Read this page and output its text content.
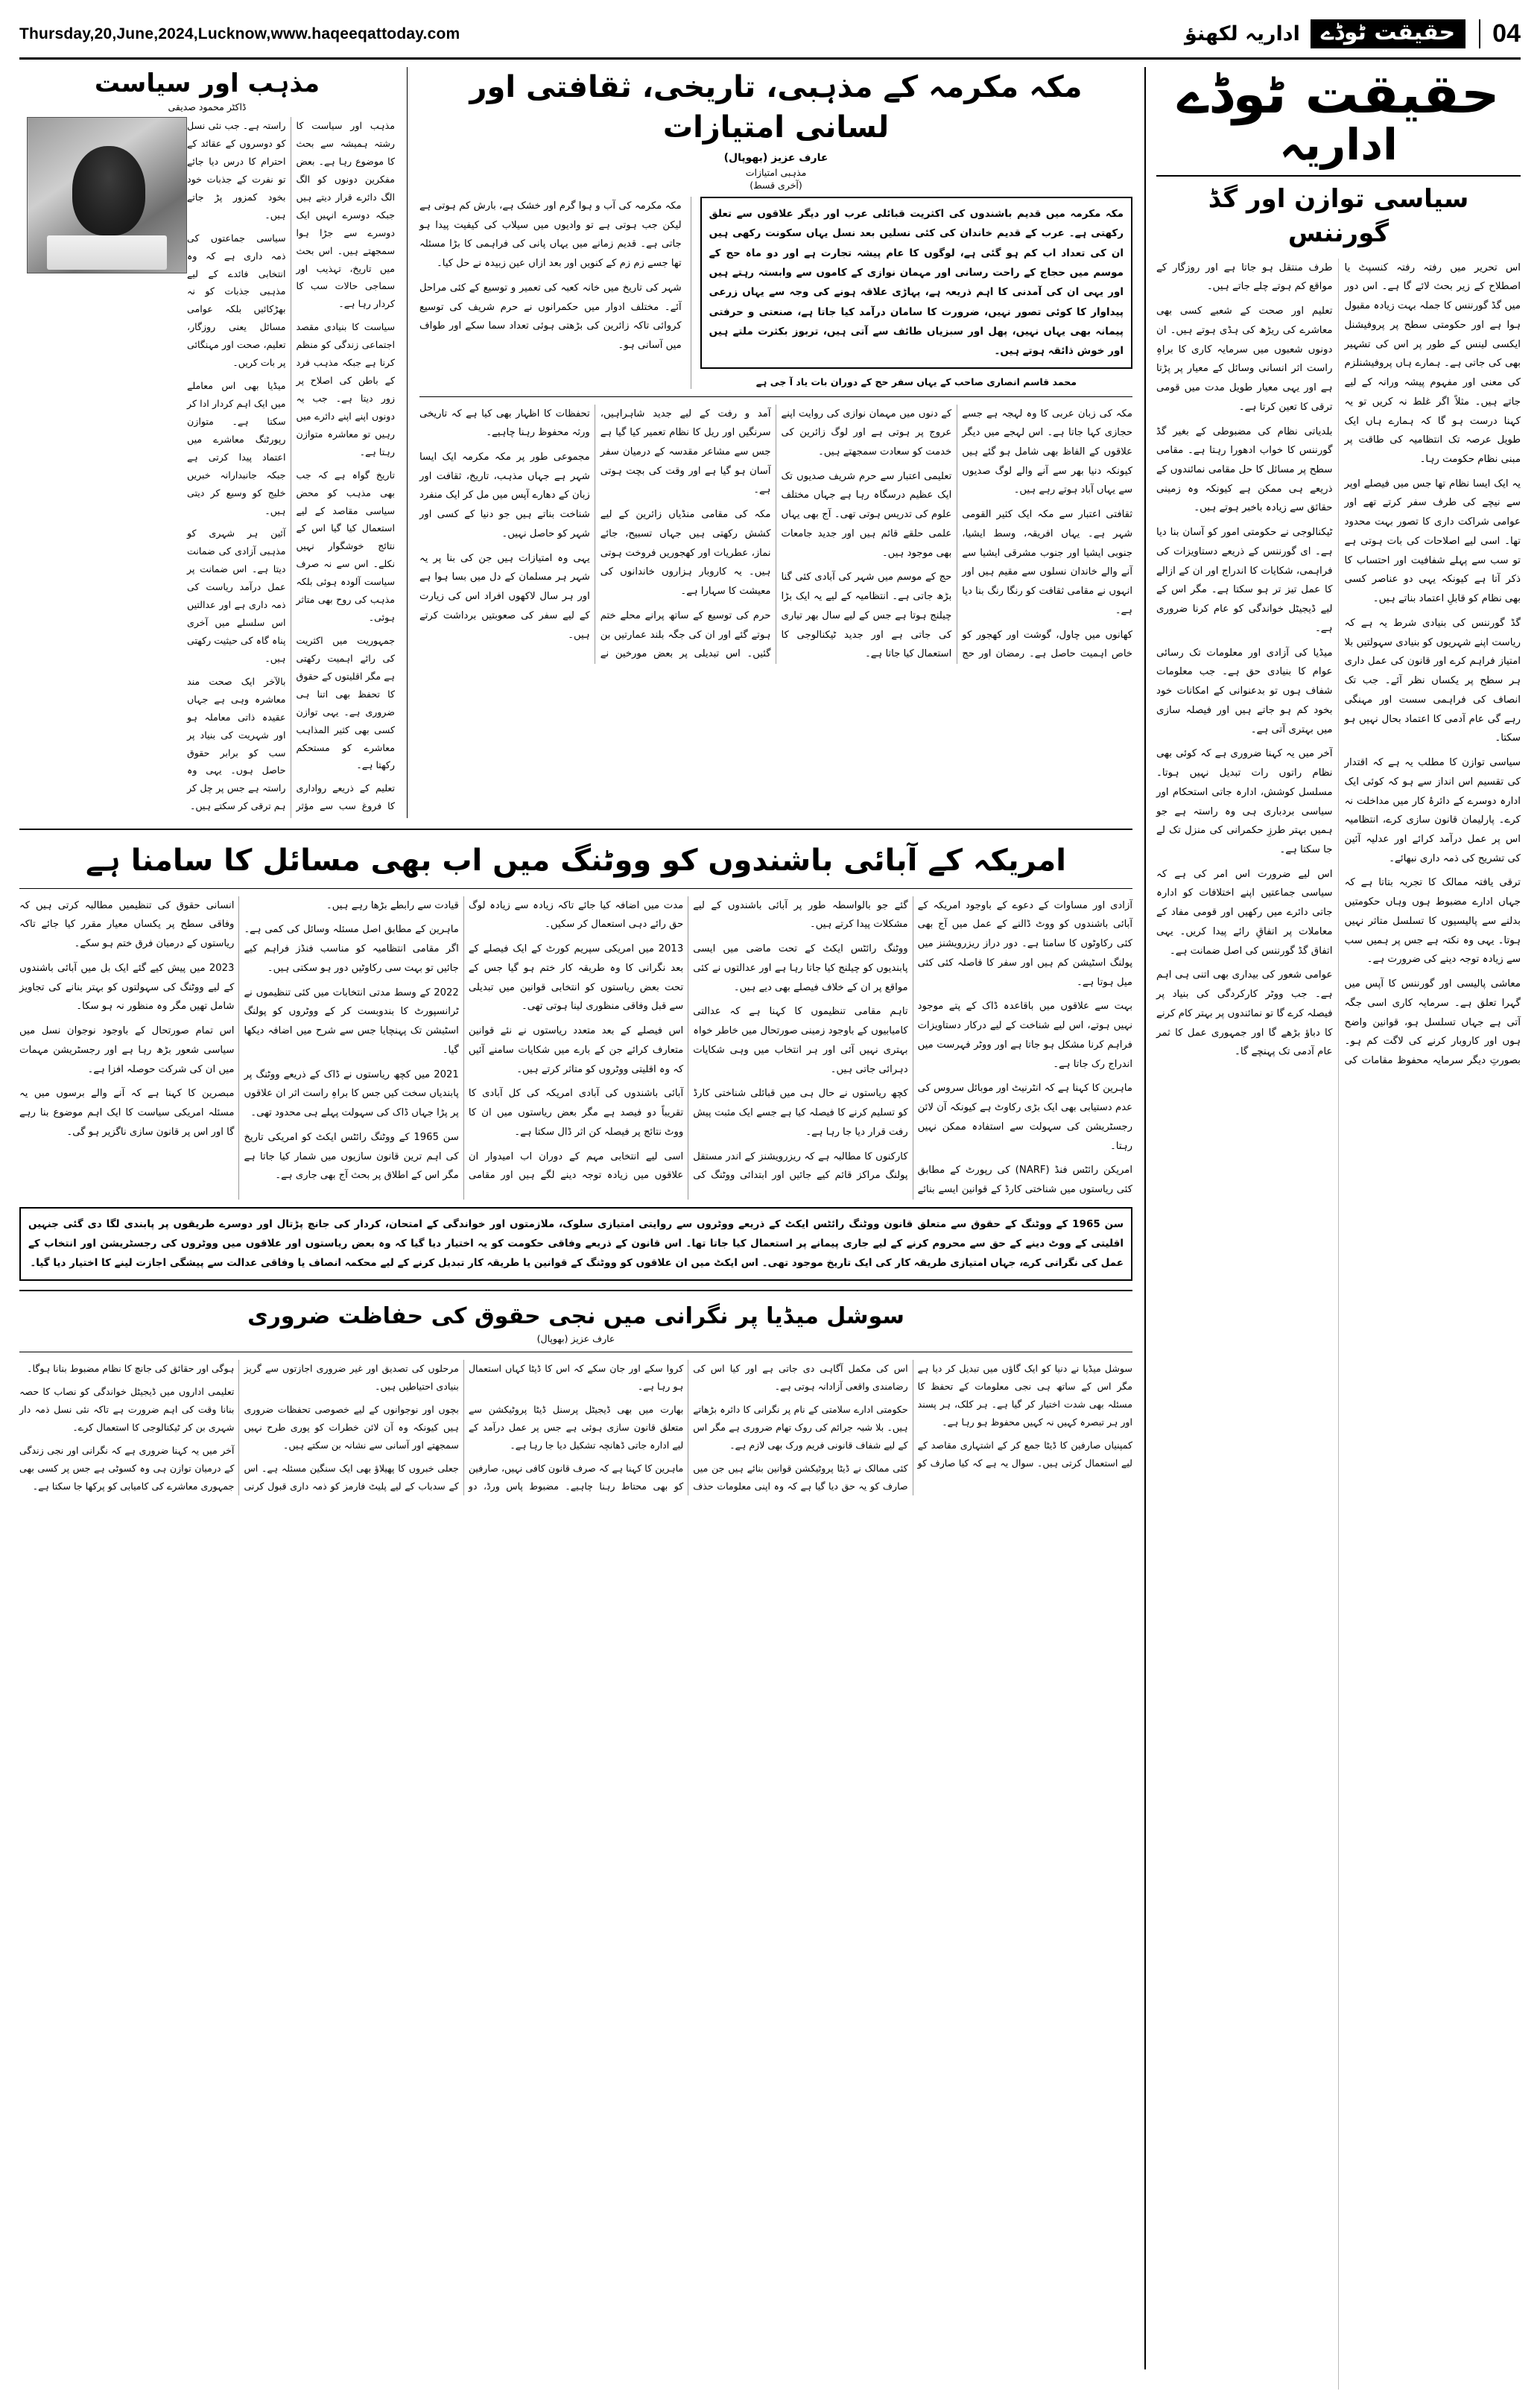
Thursday,20,June,2024,Lucknow,www.haqeeqattoday.com	اداریہ لکھنؤ حقیقت ٹوڈے	04
حقیقت ٹوڈے
اداریہ
سیاسی توازن اور گڈ گورننس

اس تحریر میں رفتہ رفتہ کنسپٹ یا اصطلاح کے زیر بحث لائے گا ہے۔ اس دور میں گڈ گورننس کا جملہ بہت زیادہ مقبول ہوا ہے اور حکومتی سطح پر پروفیشنل ایکسی لینس کے طور پر اس کی تشہیر بھی کی جاتی ہے۔ ہمارے ہاں پروفیشنلزم کی معنی اور مفہوم پیشہ ورانہ کے لیے جاتے ہیں۔ مثلاً اگر غلط نہ کریں تو یہ کہنا درست ہو گا کہ ہمارے ہاں ایک طویل عرصہ تک انتظامیہ کی طاقت پر مبنی نظام حکومت رہا۔

یہ ایک ایسا نظام تھا جس میں فیصلے اوپر سے نیچے کی طرف سفر کرتے تھے اور عوامی شراکت داری کا تصور بہت محدود تھا۔ اسی لیے اصلاحات کی بات ہوتی ہے تو سب سے پہلے شفافیت اور احتساب کا ذکر آتا ہے کیونکہ یہی دو عناصر کسی بھی نظام کو قابلِ اعتماد بناتے ہیں۔

گڈ گورننس کی بنیادی شرط یہ ہے کہ ریاست اپنے شہریوں کو بنیادی سہولتیں بلا امتیاز فراہم کرے اور قانون کی عمل داری ہر سطح پر یکساں نظر آئے۔ جب تک انصاف کی فراہمی سست اور مہنگی رہے گی عام آدمی کا اعتماد بحال نہیں ہو سکتا۔

سیاسی توازن کا مطلب یہ ہے کہ اقتدار کی تقسیم اس انداز سے ہو کہ کوئی ایک ادارہ دوسرے کے دائرۂ کار میں مداخلت نہ کرے۔ پارلیمان قانون سازی کرے، انتظامیہ اس پر عمل درآمد کرائے اور عدلیہ آئین کی تشریح کی ذمہ داری نبھائے۔

ترقی یافتہ ممالک کا تجربہ بتاتا ہے کہ جہاں ادارے مضبوط ہوں وہاں حکومتیں بدلنے سے پالیسیوں کا تسلسل متاثر نہیں ہوتا۔ یہی وہ نکتہ ہے جس پر ہمیں سب سے زیادہ توجہ دینے کی ضرورت ہے۔

معاشی پالیسی اور گورننس کا آپس میں گہرا تعلق ہے۔ سرمایہ کاری اسی جگہ آتی ہے جہاں تسلسل ہو، قوانین واضح ہوں اور کاروبار کرنے کی لاگت کم ہو۔ بصورتِ دیگر سرمایہ محفوظ مقامات کی طرف منتقل ہو جاتا ہے اور روزگار کے مواقع کم ہوتے چلے جاتے ہیں۔

تعلیم اور صحت کے شعبے کسی بھی معاشرے کی ریڑھ کی ہڈی ہوتے ہیں۔ ان دونوں شعبوں میں سرمایہ کاری کا براہِ راست اثر انسانی وسائل کے معیار پر پڑتا ہے اور یہی معیار طویل مدت میں قومی ترقی کا تعین کرتا ہے۔

بلدیاتی نظام کی مضبوطی کے بغیر گڈ گورننس کا خواب ادھورا رہتا ہے۔ مقامی سطح پر مسائل کا حل مقامی نمائندوں کے ذریعے ہی ممکن ہے کیونکہ وہ زمینی حقائق سے زیادہ باخبر ہوتے ہیں۔

ٹیکنالوجی نے حکومتی امور کو آسان بنا دیا ہے۔ ای گورننس کے ذریعے دستاویزات کی فراہمی، شکایات کا اندراج اور ان کے ازالے کا عمل تیز تر ہو سکتا ہے۔ مگر اس کے لیے ڈیجیٹل خواندگی کو عام کرنا ضروری ہے۔

میڈیا کی آزادی اور معلومات تک رسائی عوام کا بنیادی حق ہے۔ جب معلومات شفاف ہوں تو بدعنوانی کے امکانات خود بخود کم ہو جاتے ہیں اور فیصلہ سازی میں بہتری آتی ہے۔

آخر میں یہ کہنا ضروری ہے کہ کوئی بھی نظام راتوں رات تبدیل نہیں ہوتا۔ مسلسل کوشش، ادارہ جاتی استحکام اور سیاسی بردباری ہی وہ راستہ ہے جو ہمیں بہتر طرزِ حکمرانی کی منزل تک لے جا سکتا ہے۔

اس لیے ضرورت اس امر کی ہے کہ سیاسی جماعتیں اپنے اختلافات کو ادارہ جاتی دائرے میں رکھیں اور قومی مفاد کے معاملات پر اتفاقِ رائے پیدا کریں۔ یہی اتفاق گڈ گورننس کی اصل ضمانت ہے۔

عوامی شعور کی بیداری بھی اتنی ہی اہم ہے۔ جب ووٹر کارکردگی کی بنیاد پر فیصلہ کرے گا تو نمائندوں پر بہتر کام کرنے کا دباؤ بڑھے گا اور جمہوری عمل کا ثمر عام آدمی تک پہنچے گا۔

مکہ مکرمہ کے مذہبی، تاریخی، ثقافتی اور لسانی امتیازات
عارف عزیز (بھوپال)
مذہبی امتیازات
(آخری قسط)
مکہ مکرمہ میں قدیم باشندوں کی اکثریت قبائلی عرب اور دیگر علاقوں سے تعلق رکھتی ہے۔ عرب کے قدیم خاندان کی کئی نسلیں بعد نسل یہاں سکونت رکھی ہیں ان کی تعداد اب کم ہو گئی ہے، لوگوں کا عام پیشہ تجارت ہے اور دو ماہ حج کے موسم میں حجاج کے راحت رسانی اور مہمان نوازی کے کاموں سے وابستہ رہتے ہیں اور یہی ان کی آمدنی کا اہم ذریعہ ہے، پہاڑی علاقہ ہونے کی وجہ سے یہاں زرعی پیداوار کا کوئی تصور نہیں، ضرورت کا سامان درآمد کیا جاتا ہے، صنعتی و حرفتی پیمانہ بھی یہاں نہیں، پھل اور سبزیاں طائف سے آتی ہیں، تربوز بکثرت ملتے ہیں اور خوش ذائقہ ہوتے ہیں۔
محمد قاسم انصاری صاحب کے یہاں سفر حج کے دوران بات یاد آ جی ہے

مکہ مکرمہ کی آب و ہوا گرم اور خشک ہے، بارش کم ہوتی ہے لیکن جب ہوتی ہے تو وادیوں میں سیلاب کی کیفیت پیدا ہو جاتی ہے۔ قدیم زمانے میں یہاں پانی کی فراہمی کا بڑا مسئلہ تھا جسے زم زم کے کنویں اور بعد ازاں عین زبیدہ نے حل کیا۔

شہر کی تاریخ میں خانہ کعبہ کی تعمیر و توسیع کے کئی مراحل آئے۔ مختلف ادوار میں حکمرانوں نے حرم شریف کی توسیع کروائی تاکہ زائرین کی بڑھتی ہوئی تعداد سما سکے اور طواف میں آسانی ہو۔

مکہ کی زبان عربی کا وہ لہجہ ہے جسے حجازی کہا جاتا ہے۔ اس لہجے میں دیگر علاقوں کے الفاظ بھی شامل ہو گئے ہیں کیونکہ دنیا بھر سے آنے والے لوگ صدیوں سے یہاں آباد ہوتے رہے ہیں۔

ثقافتی اعتبار سے مکہ ایک کثیر القومی شہر ہے۔ یہاں افریقہ، وسط ایشیا، جنوبی ایشیا اور جنوب مشرقی ایشیا سے آنے والے خاندان نسلوں سے مقیم ہیں اور انہوں نے مقامی ثقافت کو رنگا رنگ بنا دیا ہے۔

کھانوں میں چاول، گوشت اور کھجور کو خاص اہمیت حاصل ہے۔ رمضان اور حج کے دنوں میں مہمان نوازی کی روایت اپنے عروج پر ہوتی ہے اور لوگ زائرین کی خدمت کو سعادت سمجھتے ہیں۔

تعلیمی اعتبار سے حرم شریف صدیوں تک ایک عظیم درسگاہ رہا ہے جہاں مختلف علوم کی تدریس ہوتی تھی۔ آج بھی یہاں علمی حلقے قائم ہیں اور جدید جامعات بھی موجود ہیں۔

حج کے موسم میں شہر کی آبادی کئی گنا بڑھ جاتی ہے۔ انتظامیہ کے لیے یہ ایک بڑا چیلنج ہوتا ہے جس کے لیے سال بھر تیاری کی جاتی ہے اور جدید ٹیکنالوجی کا استعمال کیا جاتا ہے۔

آمد و رفت کے لیے جدید شاہراہیں، سرنگیں اور ریل کا نظام تعمیر کیا گیا ہے جس سے مشاعر مقدسہ کے درمیان سفر آسان ہو گیا ہے اور وقت کی بچت ہوتی ہے۔

مکہ کی مقامی منڈیاں زائرین کے لیے کشش رکھتی ہیں جہاں تسبیح، جائے نماز، عطریات اور کھجوریں فروخت ہوتی ہیں۔ یہ کاروبار ہزاروں خاندانوں کی معیشت کا سہارا ہے۔

حرم کی توسیع کے ساتھ پرانے محلے ختم ہوتے گئے اور ان کی جگہ بلند عمارتیں بن گئیں۔ اس تبدیلی پر بعض مورخین نے تحفظات کا اظہار بھی کیا ہے کہ تاریخی ورثہ محفوظ رہنا چاہیے۔

مجموعی طور پر مکہ مکرمہ ایک ایسا شہر ہے جہاں مذہب، تاریخ، ثقافت اور زبان کے دھارے آپس میں مل کر ایک منفرد شناخت بناتے ہیں جو دنیا کے کسی اور شہر کو حاصل نہیں۔

یہی وہ امتیازات ہیں جن کی بنا پر یہ شہر ہر مسلمان کے دل میں بسا ہوا ہے اور ہر سال لاکھوں افراد اس کی زیارت کے لیے سفر کی صعوبتیں برداشت کرتے ہیں۔

مذہب اور سیاست
ڈاکٹر محمود صدیقی

مذہب اور سیاست کا رشتہ ہمیشہ سے بحث کا موضوع رہا ہے۔ بعض مفکرین دونوں کو الگ الگ دائرے قرار دیتے ہیں جبکہ دوسرے انہیں ایک دوسرے سے جڑا ہوا سمجھتے ہیں۔ اس بحث میں تاریخ، تہذیب اور سماجی حالات سب کا کردار رہا ہے۔

سیاست کا بنیادی مقصد اجتماعی زندگی کو منظم کرنا ہے جبکہ مذہب فرد کے باطن کی اصلاح پر زور دیتا ہے۔ جب یہ دونوں اپنے اپنے دائرے میں رہیں تو معاشرہ متوازن رہتا ہے۔

تاریخ گواہ ہے کہ جب بھی مذہب کو محض سیاسی مقاصد کے لیے استعمال کیا گیا اس کے نتائج خوشگوار نہیں نکلے۔ اس سے نہ صرف سیاست آلودہ ہوئی بلکہ مذہب کی روح بھی متاثر ہوئی۔

جمہوریت میں اکثریت کی رائے اہمیت رکھتی ہے مگر اقلیتوں کے حقوق کا تحفظ بھی اتنا ہی ضروری ہے۔ یہی توازن کسی بھی کثیر المذاہب معاشرے کو مستحکم رکھتا ہے۔

تعلیم کے ذریعے رواداری کا فروغ سب سے مؤثر راستہ ہے۔ جب نئی نسل کو دوسروں کے عقائد کے احترام کا درس دیا جائے تو نفرت کے جذبات خود بخود کمزور پڑ جاتے ہیں۔

سیاسی جماعتوں کی ذمہ داری ہے کہ وہ انتخابی فائدے کے لیے مذہبی جذبات کو نہ بھڑکائیں بلکہ عوامی مسائل یعنی روزگار، تعلیم، صحت اور مہنگائی پر بات کریں۔

میڈیا بھی اس معاملے میں ایک اہم کردار ادا کر سکتا ہے۔ متوازن رپورٹنگ معاشرے میں اعتماد پیدا کرتی ہے جبکہ جانبدارانہ خبریں خلیج کو وسیع کر دیتی ہیں۔

آئین ہر شہری کو مذہبی آزادی کی ضمانت دیتا ہے۔ اس ضمانت پر عمل درآمد ریاست کی ذمہ داری ہے اور عدالتیں اس سلسلے میں آخری پناہ گاہ کی حیثیت رکھتی ہیں۔

بالآخر ایک صحت مند معاشرہ وہی ہے جہاں عقیدہ ذاتی معاملہ ہو اور شہریت کی بنیاد پر سب کو برابر حقوق حاصل ہوں۔ یہی وہ راستہ ہے جس پر چل کر ہم ترقی کر سکتے ہیں۔

امریکہ کے آبائی باشندوں کو ووٹنگ میں اب بھی مسائل کا سامنا ہے

آزادی اور مساوات کے دعوے کے باوجود امریکہ کے آبائی باشندوں کو ووٹ ڈالنے کے عمل میں آج بھی کئی رکاوٹوں کا سامنا ہے۔ دور دراز ریزرویشنز میں پولنگ اسٹیشن کم ہیں اور سفر کا فاصلہ کئی کئی میل ہوتا ہے۔

بہت سے علاقوں میں باقاعدہ ڈاک کے پتے موجود نہیں ہوتے، اس لیے شناخت کے لیے درکار دستاویزات فراہم کرنا مشکل ہو جاتا ہے اور ووٹر فہرست میں اندراج رک جاتا ہے۔

ماہرین کا کہنا ہے کہ انٹرنیٹ اور موبائل سروس کی عدم دستیابی بھی ایک بڑی رکاوٹ ہے کیونکہ آن لائن رجسٹریشن کی سہولت سے استفادہ ممکن نہیں رہتا۔

امریکن رائٹس فنڈ (NARF) کی رپورٹ کے مطابق کئی ریاستوں میں شناختی کارڈ کے قوانین ایسے بنائے گئے جو بالواسطہ طور پر آبائی باشندوں کے لیے مشکلات پیدا کرتے ہیں۔

ووٹنگ رائٹس ایکٹ کے تحت ماضی میں ایسی پابندیوں کو چیلنج کیا جاتا رہا ہے اور عدالتوں نے کئی مواقع پر ان کے خلاف فیصلے بھی دیے ہیں۔

تاہم مقامی تنظیموں کا کہنا ہے کہ عدالتی کامیابیوں کے باوجود زمینی صورتحال میں خاطر خواہ بہتری نہیں آئی اور ہر انتخاب میں وہی شکایات دہرائی جاتی ہیں۔

کچھ ریاستوں نے حال ہی میں قبائلی شناختی کارڈ کو تسلیم کرنے کا فیصلہ کیا ہے جسے ایک مثبت پیش رفت قرار دیا جا رہا ہے۔

کارکنوں کا مطالبہ ہے کہ ریزرویشنز کے اندر مستقل پولنگ مراکز قائم کیے جائیں اور ابتدائی ووٹنگ کی مدت میں اضافہ کیا جائے تاکہ زیادہ سے زیادہ لوگ حق رائے دہی استعمال کر سکیں۔

2013 میں امریکی سپریم کورٹ کے ایک فیصلے کے بعد نگرانی کا وہ طریقہ کار ختم ہو گیا جس کے تحت بعض ریاستوں کو انتخابی قوانین میں تبدیلی سے قبل وفاقی منظوری لینا ہوتی تھی۔

اس فیصلے کے بعد متعدد ریاستوں نے نئے قوانین متعارف کرائے جن کے بارے میں شکایات سامنے آئیں کہ وہ اقلیتی ووٹروں کو متاثر کرتے ہیں۔

آبائی باشندوں کی آبادی امریکہ کی کل آبادی کا تقریباً دو فیصد ہے مگر بعض ریاستوں میں ان کا ووٹ نتائج پر فیصلہ کن اثر ڈال سکتا ہے۔

اسی لیے انتخابی مہم کے دوران اب امیدوار ان علاقوں میں زیادہ توجہ دینے لگے ہیں اور مقامی قیادت سے رابطے بڑھا رہے ہیں۔

ماہرین کے مطابق اصل مسئلہ وسائل کی کمی ہے۔ اگر مقامی انتظامیہ کو مناسب فنڈز فراہم کیے جائیں تو بہت سی رکاوٹیں دور ہو سکتی ہیں۔

2022 کے وسط مدتی انتخابات میں کئی تنظیموں نے ٹرانسپورٹ کا بندوبست کر کے ووٹروں کو پولنگ اسٹیشن تک پہنچایا جس سے شرح میں اضافہ دیکھا گیا۔

2021 میں کچھ ریاستوں نے ڈاک کے ذریعے ووٹنگ پر پابندیاں سخت کیں جس کا براہِ راست اثر ان علاقوں پر پڑا جہاں ڈاک کی سہولت پہلے ہی محدود تھی۔

سن 1965 کے ووٹنگ رائٹس ایکٹ کو امریکی تاریخ کی اہم ترین قانون سازیوں میں شمار کیا جاتا ہے مگر اس کے اطلاق پر بحث آج بھی جاری ہے۔

انسانی حقوق کی تنظیمیں مطالبہ کرتی ہیں کہ وفاقی سطح پر یکساں معیار مقرر کیا جائے تاکہ ریاستوں کے درمیان فرق ختم ہو سکے۔

2023 میں پیش کیے گئے ایک بل میں آبائی باشندوں کے لیے ووٹنگ کی سہولتوں کو بہتر بنانے کی تجاویز شامل تھیں مگر وہ منظور نہ ہو سکا۔

اس تمام صورتحال کے باوجود نوجوان نسل میں سیاسی شعور بڑھ رہا ہے اور رجسٹریشن مہمات میں ان کی شرکت حوصلہ افزا ہے۔

مبصرین کا کہنا ہے کہ آنے والے برسوں میں یہ مسئلہ امریکی سیاست کا ایک اہم موضوع بنا رہے گا اور اس پر قانون سازی ناگزیر ہو گی۔

سن 1965 کے ووٹنگ کے حقوق سے متعلق قانون ووٹنگ رائٹس ایکٹ کے ذریعے ووٹروں سے روایتی امتیازی سلوک، ملازمتوں اور خواندگی کے امتحان، کردار کی جانچ پڑتال اور دوسرے طریقوں پر پابندی لگا دی گئی جنہیں اقلیتی کے ووٹ دینے کے حق سے محروم کرنے کے لیے جاری پیمانے پر استعمال کیا جاتا تھا۔ اس قانون کے ذریعے وفاقی حکومت کو یہ اختیار دیا گیا کہ وہ بعض ریاستوں اور علاقوں میں ووٹروں کی رجسٹریشن اور انتخاب کے عمل کی نگرانی کرے، جہاں امتیازی طریقہ کار کی ایک تاریخ موجود تھی۔ اس ایکٹ میں ان علاقوں کو ووٹنگ کے قوانین یا طریقہ کار تبدیل کرنے کے لیے محکمہ انصاف یا وفاقی عدالت سے پیشگی اجازت لینے کا اختیار دیا گیا۔
سوشل میڈیا پر نگرانی میں نجی حقوق کی حفاظت ضروری
عارف عزیز (بھوپال)

سوشل میڈیا نے دنیا کو ایک گاؤں میں تبدیل کر دیا ہے مگر اس کے ساتھ ہی نجی معلومات کے تحفظ کا مسئلہ بھی شدت اختیار کر گیا ہے۔ ہر کلک، ہر پسند اور ہر تبصرہ کہیں نہ کہیں محفوظ ہو رہا ہے۔

کمپنیاں صارفین کا ڈیٹا جمع کر کے اشتہاری مقاصد کے لیے استعمال کرتی ہیں۔ سوال یہ ہے کہ کیا صارف کو اس کی مکمل آگاہی دی جاتی ہے اور کیا اس کی رضامندی واقعی آزادانہ ہوتی ہے۔

حکومتی ادارے سلامتی کے نام پر نگرانی کا دائرہ بڑھاتے ہیں۔ بلا شبہ جرائم کی روک تھام ضروری ہے مگر اس کے لیے شفاف قانونی فریم ورک بھی لازم ہے۔

کئی ممالک نے ڈیٹا پروٹیکشن قوانین بنائے ہیں جن میں صارف کو یہ حق دیا گیا ہے کہ وہ اپنی معلومات حذف کروا سکے اور جان سکے کہ اس کا ڈیٹا کہاں استعمال ہو رہا ہے۔

بھارت میں بھی ڈیجیٹل پرسنل ڈیٹا پروٹیکشن سے متعلق قانون سازی ہوئی ہے جس پر عمل درآمد کے لیے ادارہ جاتی ڈھانچہ تشکیل دیا جا رہا ہے۔

ماہرین کا کہنا ہے کہ صرف قانون کافی نہیں، صارفین کو بھی محتاط رہنا چاہیے۔ مضبوط پاس ورڈ، دو مرحلوں کی تصدیق اور غیر ضروری اجازتوں سے گریز بنیادی احتیاطیں ہیں۔

بچوں اور نوجوانوں کے لیے خصوصی تحفظات ضروری ہیں کیونکہ وہ آن لائن خطرات کو پوری طرح نہیں سمجھتے اور آسانی سے نشانہ بن سکتے ہیں۔

جعلی خبروں کا پھیلاؤ بھی ایک سنگین مسئلہ ہے۔ اس کے سدباب کے لیے پلیٹ فارمز کو ذمہ داری قبول کرنی ہوگی اور حقائق کی جانچ کا نظام مضبوط بنانا ہوگا۔

تعلیمی اداروں میں ڈیجیٹل خواندگی کو نصاب کا حصہ بنانا وقت کی اہم ضرورت ہے تاکہ نئی نسل ذمہ دار شہری بن کر ٹیکنالوجی کا استعمال کرے۔

آخر میں یہ کہنا ضروری ہے کہ نگرانی اور نجی زندگی کے درمیان توازن ہی وہ کسوٹی ہے جس پر کسی بھی جمہوری معاشرے کی کامیابی کو پرکھا جا سکتا ہے۔
